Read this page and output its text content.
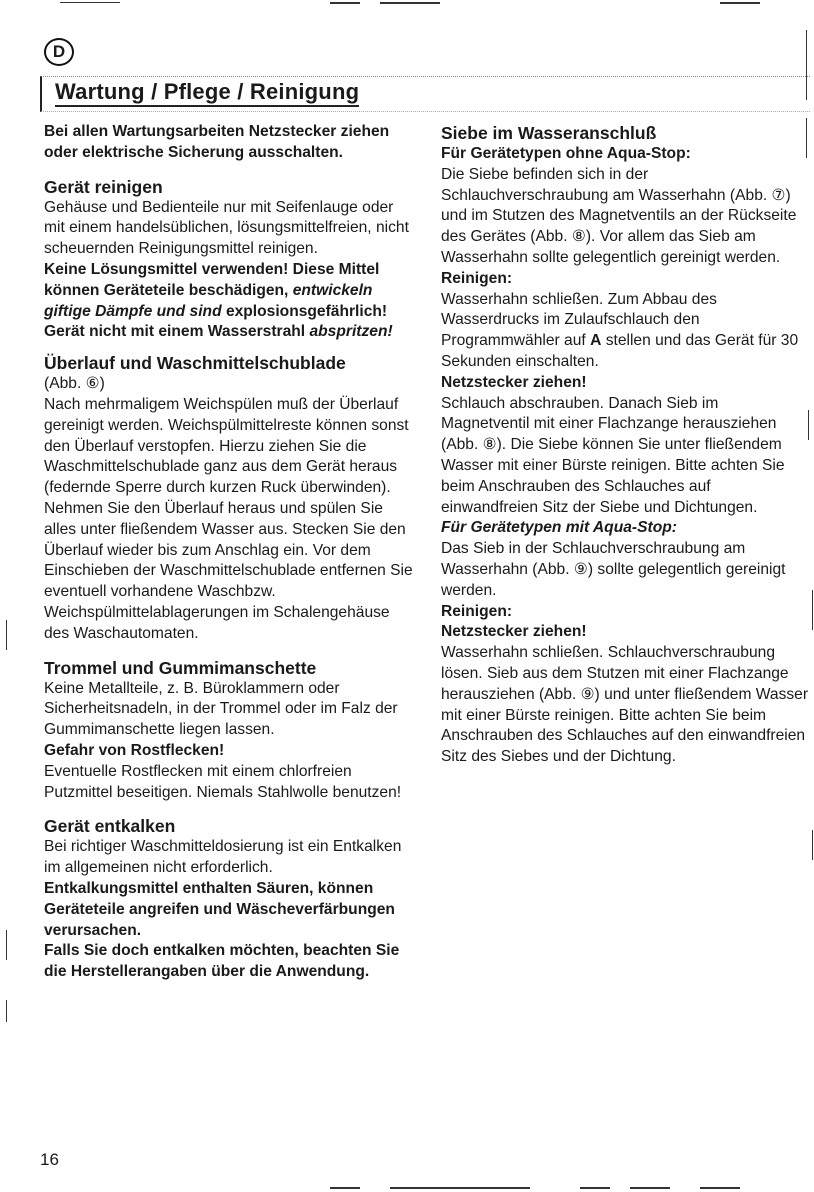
D
Wartung / Pflege / Reinigung

Bei allen Wartungsarbeiten Netzstecker ziehen oder elektrische Sicherung ausschalten.

Gerät reinigen

Gehäuse und Bedienteile nur mit Seifenlauge oder mit einem handelsüblichen, lösungsmittelfreien, nicht scheuernden Reinigungsmittel reinigen.

Keine Lösungsmittel verwenden! Diese Mittel können Geräteteile beschädigen, entwickeln giftige Dämpfe und sind explosionsgefährlich!

Gerät nicht mit einem Wasserstrahl abspritzen!

Überlauf und Waschmittelschublade

(Abb. ⑥)

Nach mehrmaligem Weichspülen muß der Überlauf gereinigt werden. Weichspülmittelreste können sonst den Überlauf verstopfen. Hierzu ziehen Sie die Waschmittelschublade ganz aus dem Gerät heraus (federnde Sperre durch kurzen Ruck überwinden). Nehmen Sie den Überlauf heraus und spülen Sie alles unter fließendem Wasser aus. Stecken Sie den Überlauf wieder bis zum Anschlag ein. Vor dem Einschieben der Waschmittelschublade entfernen Sie eventuell vorhandene Waschbzw. Weichspülmittelablagerungen im Schalengehäuse des Waschautomaten.

Trommel und Gummimanschette

Keine Metallteile, z. B. Büroklammern oder Sicherheitsnadeln, in der Trommel oder im Falz der Gummimanschette liegen lassen.

Gefahr von Rostflecken!

Eventuelle Rostflecken mit einem chlorfreien Putzmittel beseitigen. Niemals Stahlwolle benutzen!

Gerät entkalken

Bei richtiger Waschmitteldosierung ist ein Entkalken im allgemeinen nicht erforderlich.

Entkalkungsmittel enthalten Säuren, können Geräteteile angreifen und Wäscheverfärbungen verursachen.

Falls Sie doch entkalken möchten, beachten Sie die Herstellerangaben über die Anwendung.

Siebe im Wasseranschluß

Für Gerätetypen ohne Aqua-Stop:

Die Siebe befinden sich in der Schlauchverschraubung am Wasserhahn (Abb. ⑦) und im Stutzen des Magnetventils an der Rückseite des Gerätes (Abb. ⑧). Vor allem das Sieb am Wasserhahn sollte gelegentlich gereinigt werden.

Reinigen:

Wasserhahn schließen. Zum Abbau des Wasserdrucks im Zulaufschlauch den Programmwähler auf A stellen und das Gerät für 30 Sekunden einschalten.

Netzstecker ziehen!

Schlauch abschrauben. Danach Sieb im Magnetventil mit einer Flachzange herausziehen (Abb. ⑧). Die Siebe können Sie unter fließendem Wasser mit einer Bürste reinigen. Bitte achten Sie beim Anschrauben des Schlauches auf einwandfreien Sitz der Siebe und Dichtungen.

Für Gerätetypen mit Aqua-Stop:

Das Sieb in der Schlauchverschraubung am Wasserhahn (Abb. ⑨) sollte gelegentlich gereinigt werden.

Reinigen:

Netzstecker ziehen!

Wasserhahn schließen. Schlauchverschraubung lösen. Sieb aus dem Stutzen mit einer Flachzange herausziehen (Abb. ⑨) und unter fließendem Wasser mit einer Bürste reinigen. Bitte achten Sie beim Anschrauben des Schlauches auf den einwandfreien Sitz des Siebes und der Dichtung.

16
